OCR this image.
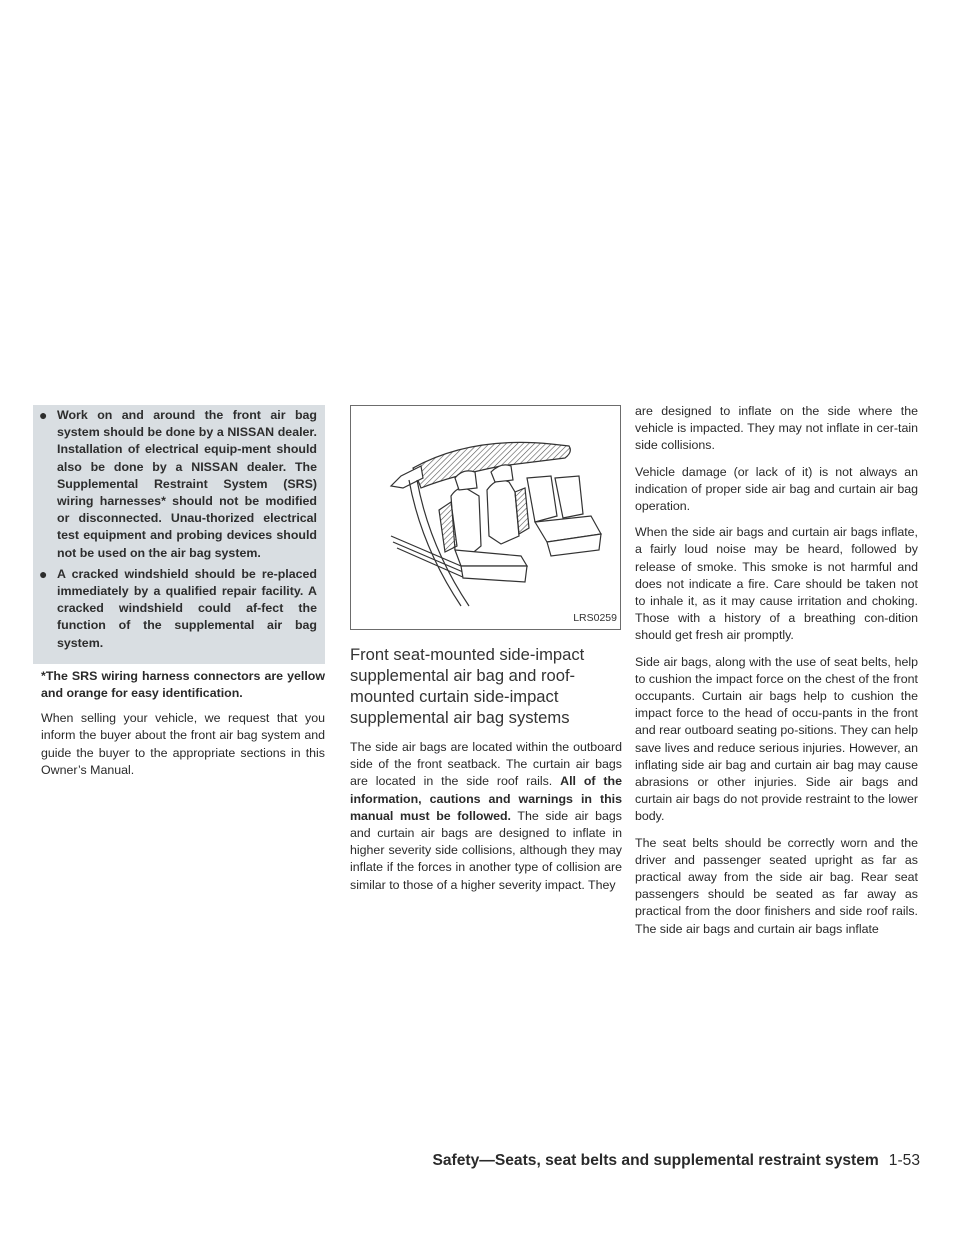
● Work on and around the front air bag system should be done by a NISSAN dealer. Installation of electrical equip-ment should also be done by a NISSAN dealer. The Supplemental Restraint System (SRS) wiring harnesses* should not be modified or disconnected. Unau-thorized electrical test equipment and probing devices should not be used on the air bag system.
● A cracked windshield should be re-placed immediately by a qualified repair facility. A cracked windshield could af-fect the function of the supplemental air bag system.
*The SRS wiring harness connectors are yellow and orange for easy identification.

When selling your vehicle, we request that you inform the buyer about the front air bag system and guide the buyer to the appropriate sections in this Owner’s Manual.

LRS0259
Front seat-mounted side-impact supplemental air bag and roof-mounted curtain side-impact supplemental air bag systems

The side air bags are located within the outboard side of the front seatback. The curtain air bags are located in the side roof rails. All of the information, cautions and warnings in this manual must be followed. The side air bags and curtain air bags are designed to inflate in higher severity side collisions, although they may inflate if the forces in another type of collision are similar to those of a higher severity impact. They

are designed to inflate on the side where the vehicle is impacted. They may not inflate in cer-tain side collisions.

Vehicle damage (or lack of it) is not always an indication of proper side air bag and curtain air bag operation.

When the side air bags and curtain air bags inflate, a fairly loud noise may be heard, followed by release of smoke. This smoke is not harmful and does not indicate a fire. Care should be taken not to inhale it, as it may cause irritation and choking. Those with a history of a breathing con-dition should get fresh air promptly.

Side air bags, along with the use of seat belts, help to cushion the impact force on the chest of the front occupants. Curtain air bags help to cushion the impact force to the head of occu-pants in the front and rear outboard seating po-sitions. They can help save lives and reduce serious injuries. However, an inflating side air bag and curtain air bag may cause abrasions or other injuries. Side air bags and curtain air bags do not provide restraint to the lower body.

The seat belts should be correctly worn and the driver and passenger seated upright as far as practical away from the side air bag. Rear seat passengers should be seated as far away as practical from the door finishers and side roof rails. The side air bags and curtain air bags inflate

Safety—Seats, seat belts and supplemental restraint system 1-53
